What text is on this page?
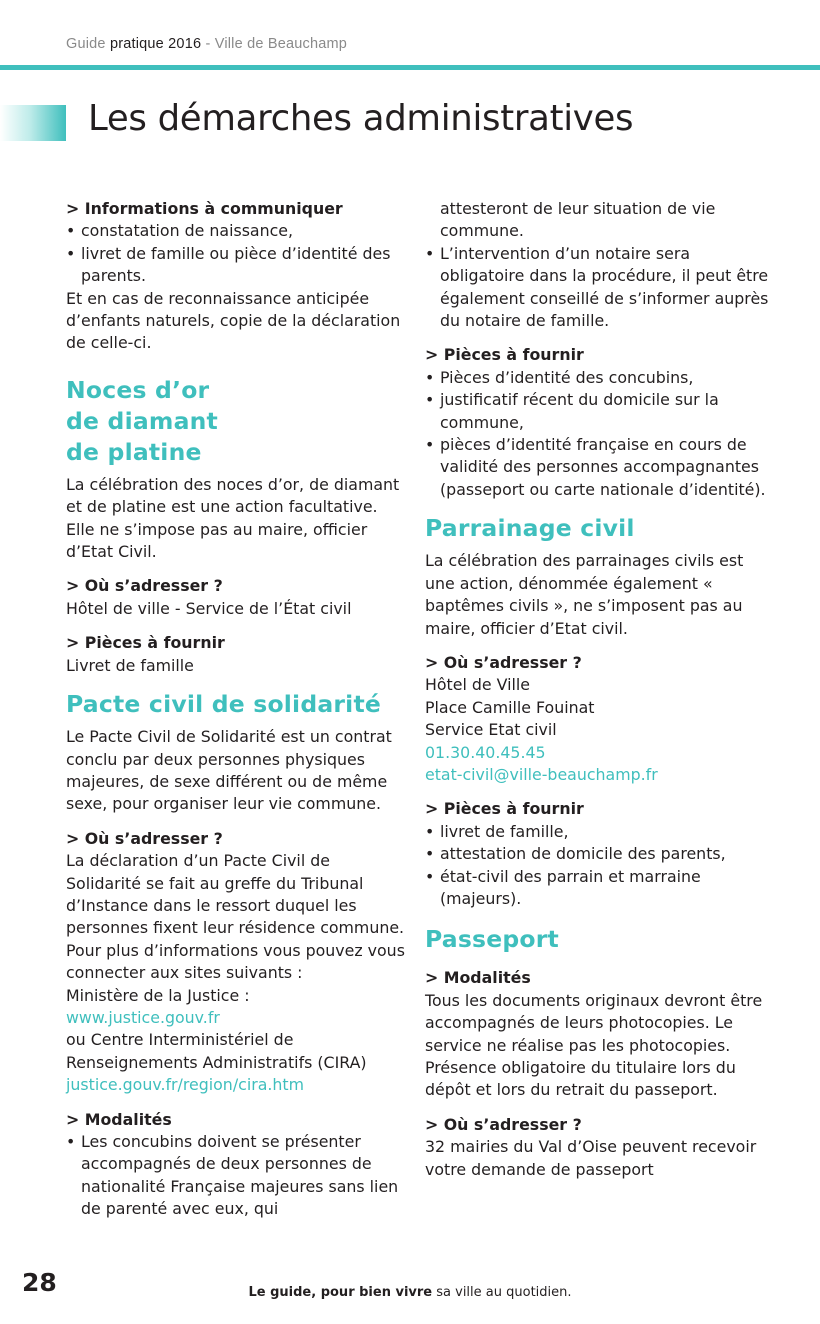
Guide pratique 2016 - Ville de Beauchamp
Les démarches administratives

> Informations à communiquer

• constatation de naissance,
• livret de famille ou pièce d’identité des parents.

Et en cas de reconnaissance anticipée d’enfants naturels, copie de la déclaration de celle-ci.

Noces d’or
de diamant
de platine

La célébration des noces d’or, de diamant et de platine est une action facultative. Elle ne s’impose pas au maire, officier d’Etat Civil.

> Où s’adresser ?

Hôtel de ville - Service de l’État civil

> Pièces à fournir

Livret de famille

Pacte civil de solidarité

Le Pacte Civil de Solidarité est un contrat conclu par deux personnes physiques majeures, de sexe différent ou de même sexe, pour organiser leur vie commune.

> Où s’adresser ?

La déclaration d’un Pacte Civil de Solidarité se fait au greffe du Tribunal d’Instance dans le ressort duquel les personnes fixent leur résidence commune.

Pour plus d’informations vous pouvez vous connecter aux sites suivants :

Ministère de la Justice :

www.justice.gouv.fr

ou Centre Interministériel de Renseignements Administratifs (CIRA)

justice.gouv.fr/region/cira.htm

> Modalités

• Les concubins doivent se présenter accompagnés de deux personnes de nationalité Française majeures sans lien de parenté avec eux, qui

attesteront de leur situation de vie commune.

• L’intervention d’un notaire sera obligatoire dans la procédure, il peut être également conseillé de s’informer auprès du notaire de famille.

> Pièces à fournir

• Pièces d’identité des concubins,
• justificatif récent du domicile sur la commune,
• pièces d’identité française en cours de validité des personnes accompagnantes (passeport ou carte nationale d’identité).
Parrainage civil

La célébration des parrainages civils est une action, dénommée également « baptêmes civils », ne s’imposent pas au maire, officier d’Etat civil.

> Où s’adresser ?

Hôtel de Ville

Place Camille Fouinat

Service Etat civil

01.30.40.45.45

etat-civil@ville-beauchamp.fr

> Pièces à fournir

• livret de famille,
• attestation de domicile des parents,
• état-civil des parrain et marraine (majeurs).
Passeport

> Modalités

Tous les documents originaux devront être accompagnés de leurs photocopies. Le service ne réalise pas les photocopies. Présence obligatoire du titulaire lors du dépôt et lors du retrait du passeport.

> Où s’adresser ?

32 mairies du Val d’Oise peuvent recevoir votre demande de passeport

28	Le guide, pour bien vivre sa ville au quotidien.
